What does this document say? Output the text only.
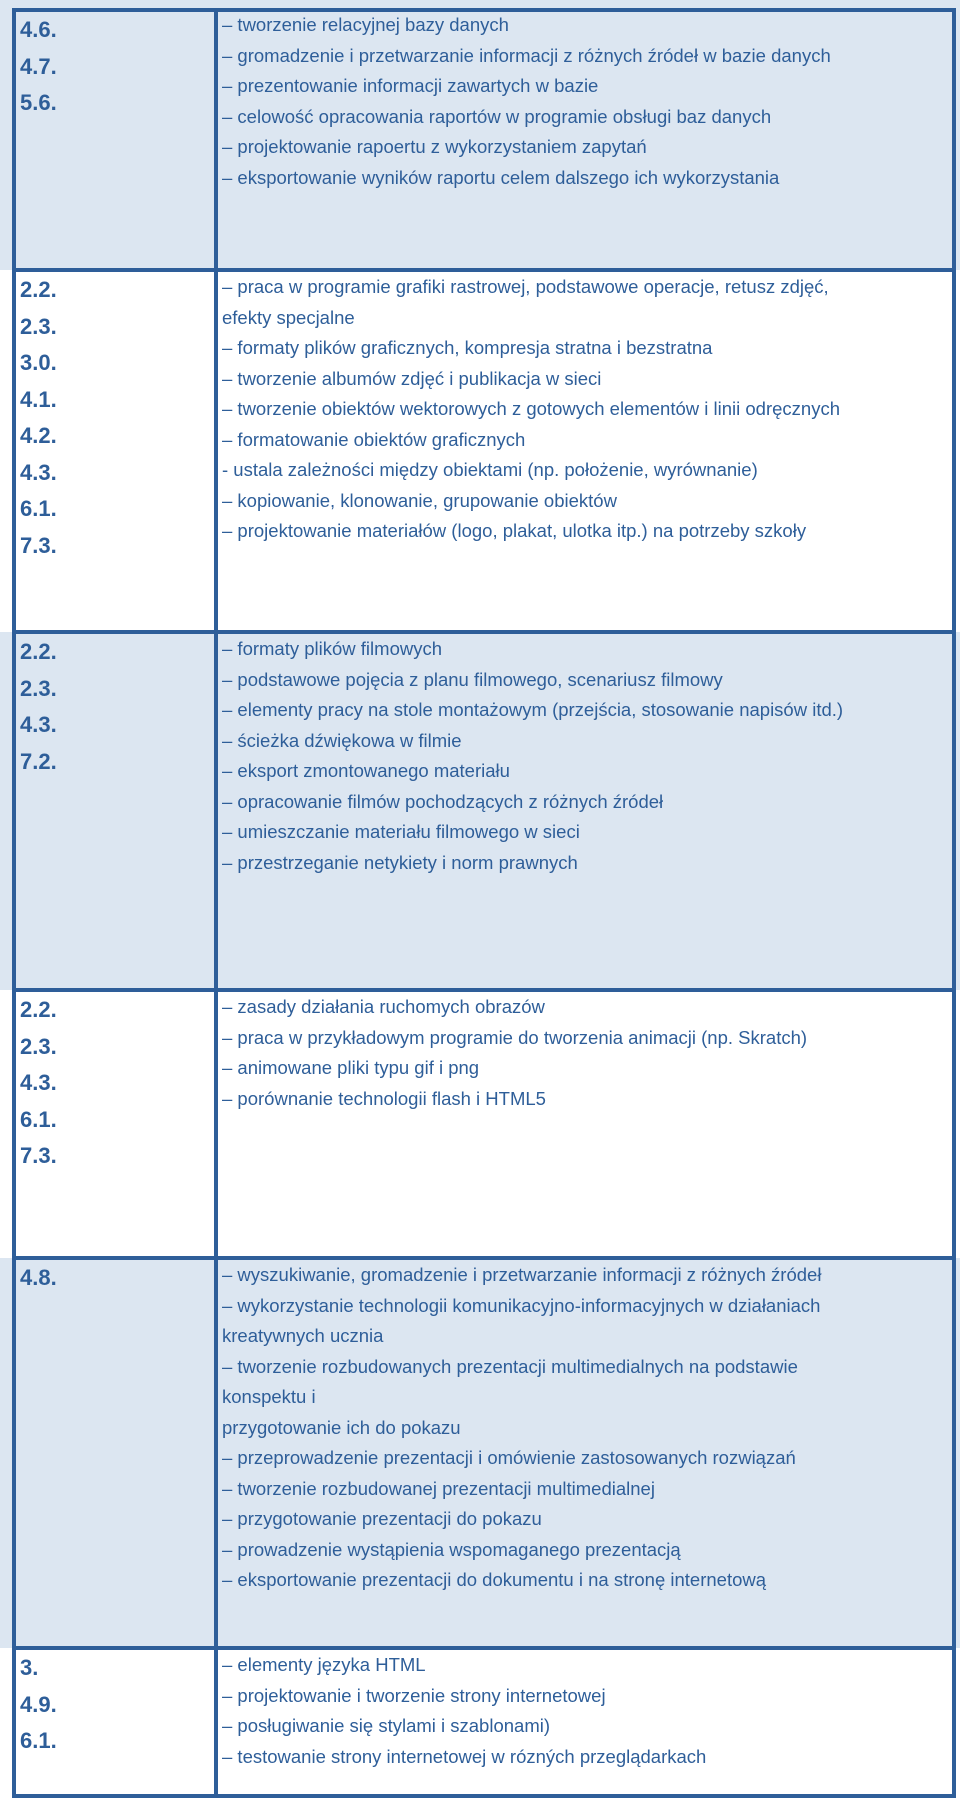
4.6.
4.7.
5.6.
– tworzenie relacyjnej bazy danych
– gromadzenie i przetwarzanie informacji z różnych źródeł w bazie danych
– prezentowanie informacji zawartych w bazie
– celowość opracowania raportów w programie obsługi baz danych
– projektowanie rapoertu z wykorzystaniem zapytań
– eksportowanie wyników raportu celem dalszego ich wykorzystania
2.2.
2.3.
3.0.
4.1.
4.2.
4.3.
6.1.
7.3.
– praca w programie grafiki rastrowej, podstawowe operacje, retusz zdjęć,
efekty specjalne
– formaty plików graficznych, kompresja stratna i bezstratna
– tworzenie albumów zdjęć i publikacja w sieci
– tworzenie obiektów wektorowych z gotowych elementów i linii odręcznych
– formatowanie obiektów graficznych
- ustala zależności między obiektami (np. położenie, wyrównanie)
– kopiowanie, klonowanie, grupowanie obiektów
– projektowanie materiałów (logo, plakat, ulotka itp.) na potrzeby szkoły
2.2.
2.3.
4.3.
7.2.
– formaty plików filmowych
– podstawowe pojęcia z planu filmowego, scenariusz filmowy
– elementy pracy na stole montażowym (przejścia, stosowanie napisów itd.)
– ścieżka dźwiękowa w filmie
– eksport zmontowanego materiału
– opracowanie filmów pochodzących z różnych źródeł
– umieszczanie materiału filmowego w sieci
– przestrzeganie netykiety i norm prawnych
2.2.
2.3.
4.3.
6.1.
7.3.
– zasady działania ruchomych obrazów
– praca w przykładowym programie do tworzenia animacji (np. Skratch)
– animowane pliki typu gif i png
– porównanie technologii flash i HTML5
4.8.	– wyszukiwanie, gromadzenie i przetwarzanie informacji z różnych źródeł
– wykorzystanie technologii komunikacyjno-informacyjnych w działaniach
kreatywnych ucznia
– tworzenie rozbudowanych prezentacji multimedialnych na podstawie
konspektu i
przygotowanie ich do pokazu
– przeprowadzenie prezentacji i omówienie zastosowanych rozwiązań
– tworzenie rozbudowanej prezentacji multimedialnej
– przygotowanie prezentacji do pokazu
– prowadzenie wystąpienia wspomaganego prezentacją
– eksportowanie prezentacji do dokumentu i na stronę internetową
3.
4.9.
6.1.
– elementy języka HTML
– projektowanie i tworzenie strony internetowej
– posługiwanie się stylami i szablonami)
– testowanie strony internetowej w rózných przeglądarkach
